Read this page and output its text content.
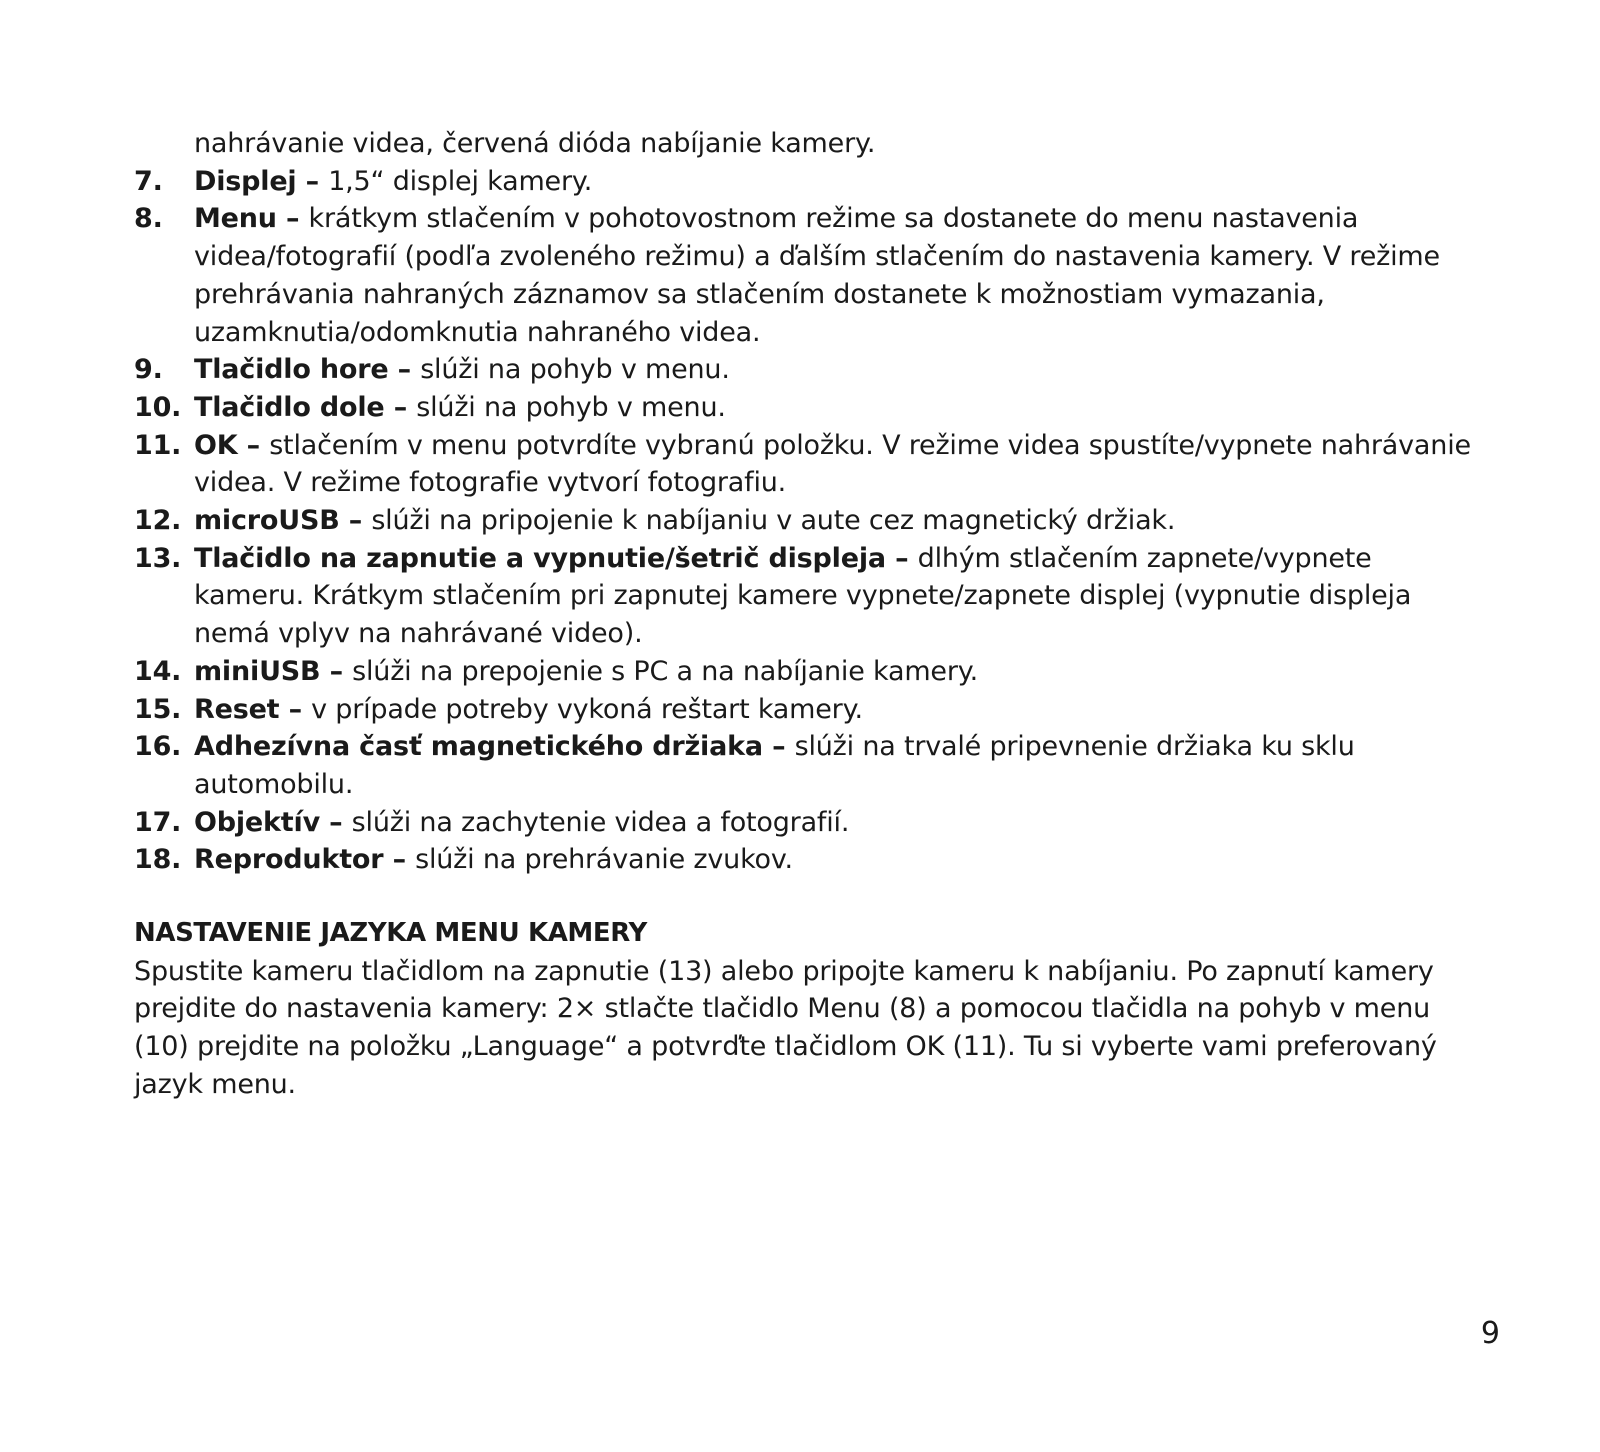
nahrávanie videa, červená dióda nabíjanie kamery.
7.	Displej – 1,5“ displej kamery.
8.	Menu – krátkym stlačením v pohotovostnom režime sa dostanete do menu nastavenia videa/fotografií (podľa zvoleného režimu) a ďalším stlačením do nastavenia kamery. V režime prehrávania nahraných záznamov sa stlačením dostanete k možnostiam vymazania, uzamknutia/odomknutia nahraného videa.
9.	Tlačidlo hore – slúži na pohyb v menu.
10. Tlačidlo dole – slúži na pohyb v menu.
11. OK – stlačením v menu potvrdíte vybranú položku. V režime videa spustíte/vypnete nahrávanie videa. V režime fotografie vytvorí fotografiu.
12. microUSB – slúži na pripojenie k nabíjaniu v aute cez magnetický držiak.
13. Tlačidlo na zapnutie a vypnutie/šetrič displeja – dlhým stlačením zapnete/vypnete kameru. Krátkym stlačením pri zapnutej kamere vypnete/zapnete displej (vypnutie displeja nemá vplyv na nahrávané video).
14. miniUSB – slúži na prepojenie s PC a na nabíjanie kamery.
15. Reset – v prípade potreby vykoná reštart kamery.
16. Adhezívna časť magnetického držiaka – slúži na trvalé pripevnenie držiaka ku sklu automobilu.
17. Objektív – slúži na zachytenie videa a fotografií.
18. Reproduktor – slúži na prehrávanie zvukov.
NASTAVENIE JAZYKA MENU KAMERY

Spustite kameru tlačidlom na zapnutie (13) alebo pripojte kameru k nabíjaniu. Po zapnutí kamery prejdite do nastavenia kamery: 2× stlačte tlačidlo Menu (8) a pomocou tlačidla na pohyb v menu (10) prejdite na položku „Language“ a potvrďte tlačidlom OK (11). Tu si vyberte vami preferovaný jazyk menu.

9
